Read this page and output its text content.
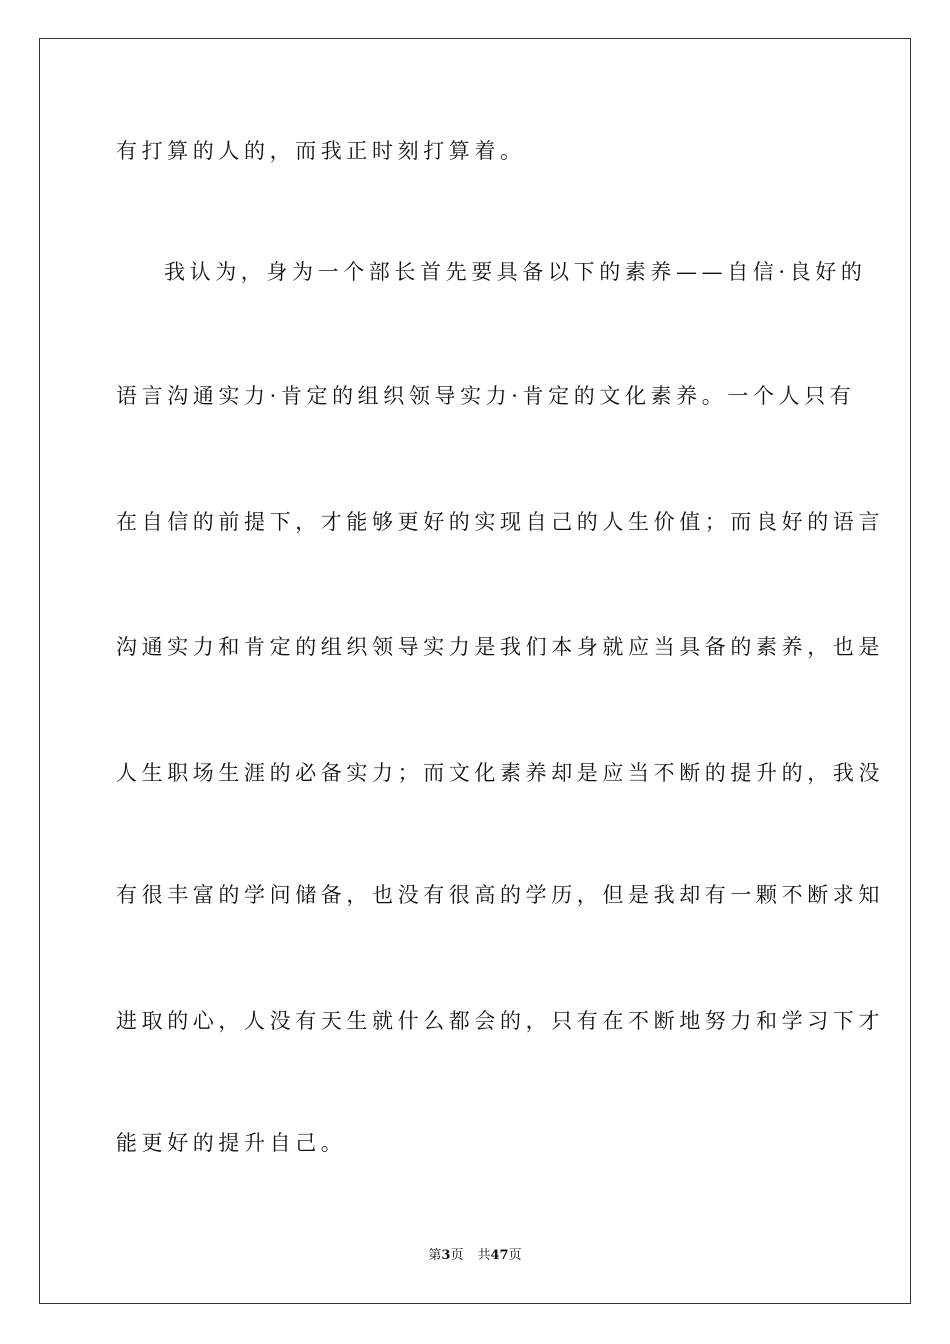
有打算的人的，而我正时刻打算着。
我认为，身为一个部长首先要具备以下的素养——自信·良好的
语言沟通实力·肯定的组织领导实力·肯定的文化素养。一个人只有
在自信的前提下，才能够更好的实现自己的人生价值；而良好的语言
沟通实力和肯定的组织领导实力是我们本身就应当具备的素养，也是
人生职场生涯的必备实力；而文化素养却是应当不断的提升的，我没
有很丰富的学问储备，也没有很高的学历，但是我却有一颗不断求知
进取的心，人没有天生就什么都会的，只有在不断地努力和学习下才
能更好的提升自己。
第3页 共47页
